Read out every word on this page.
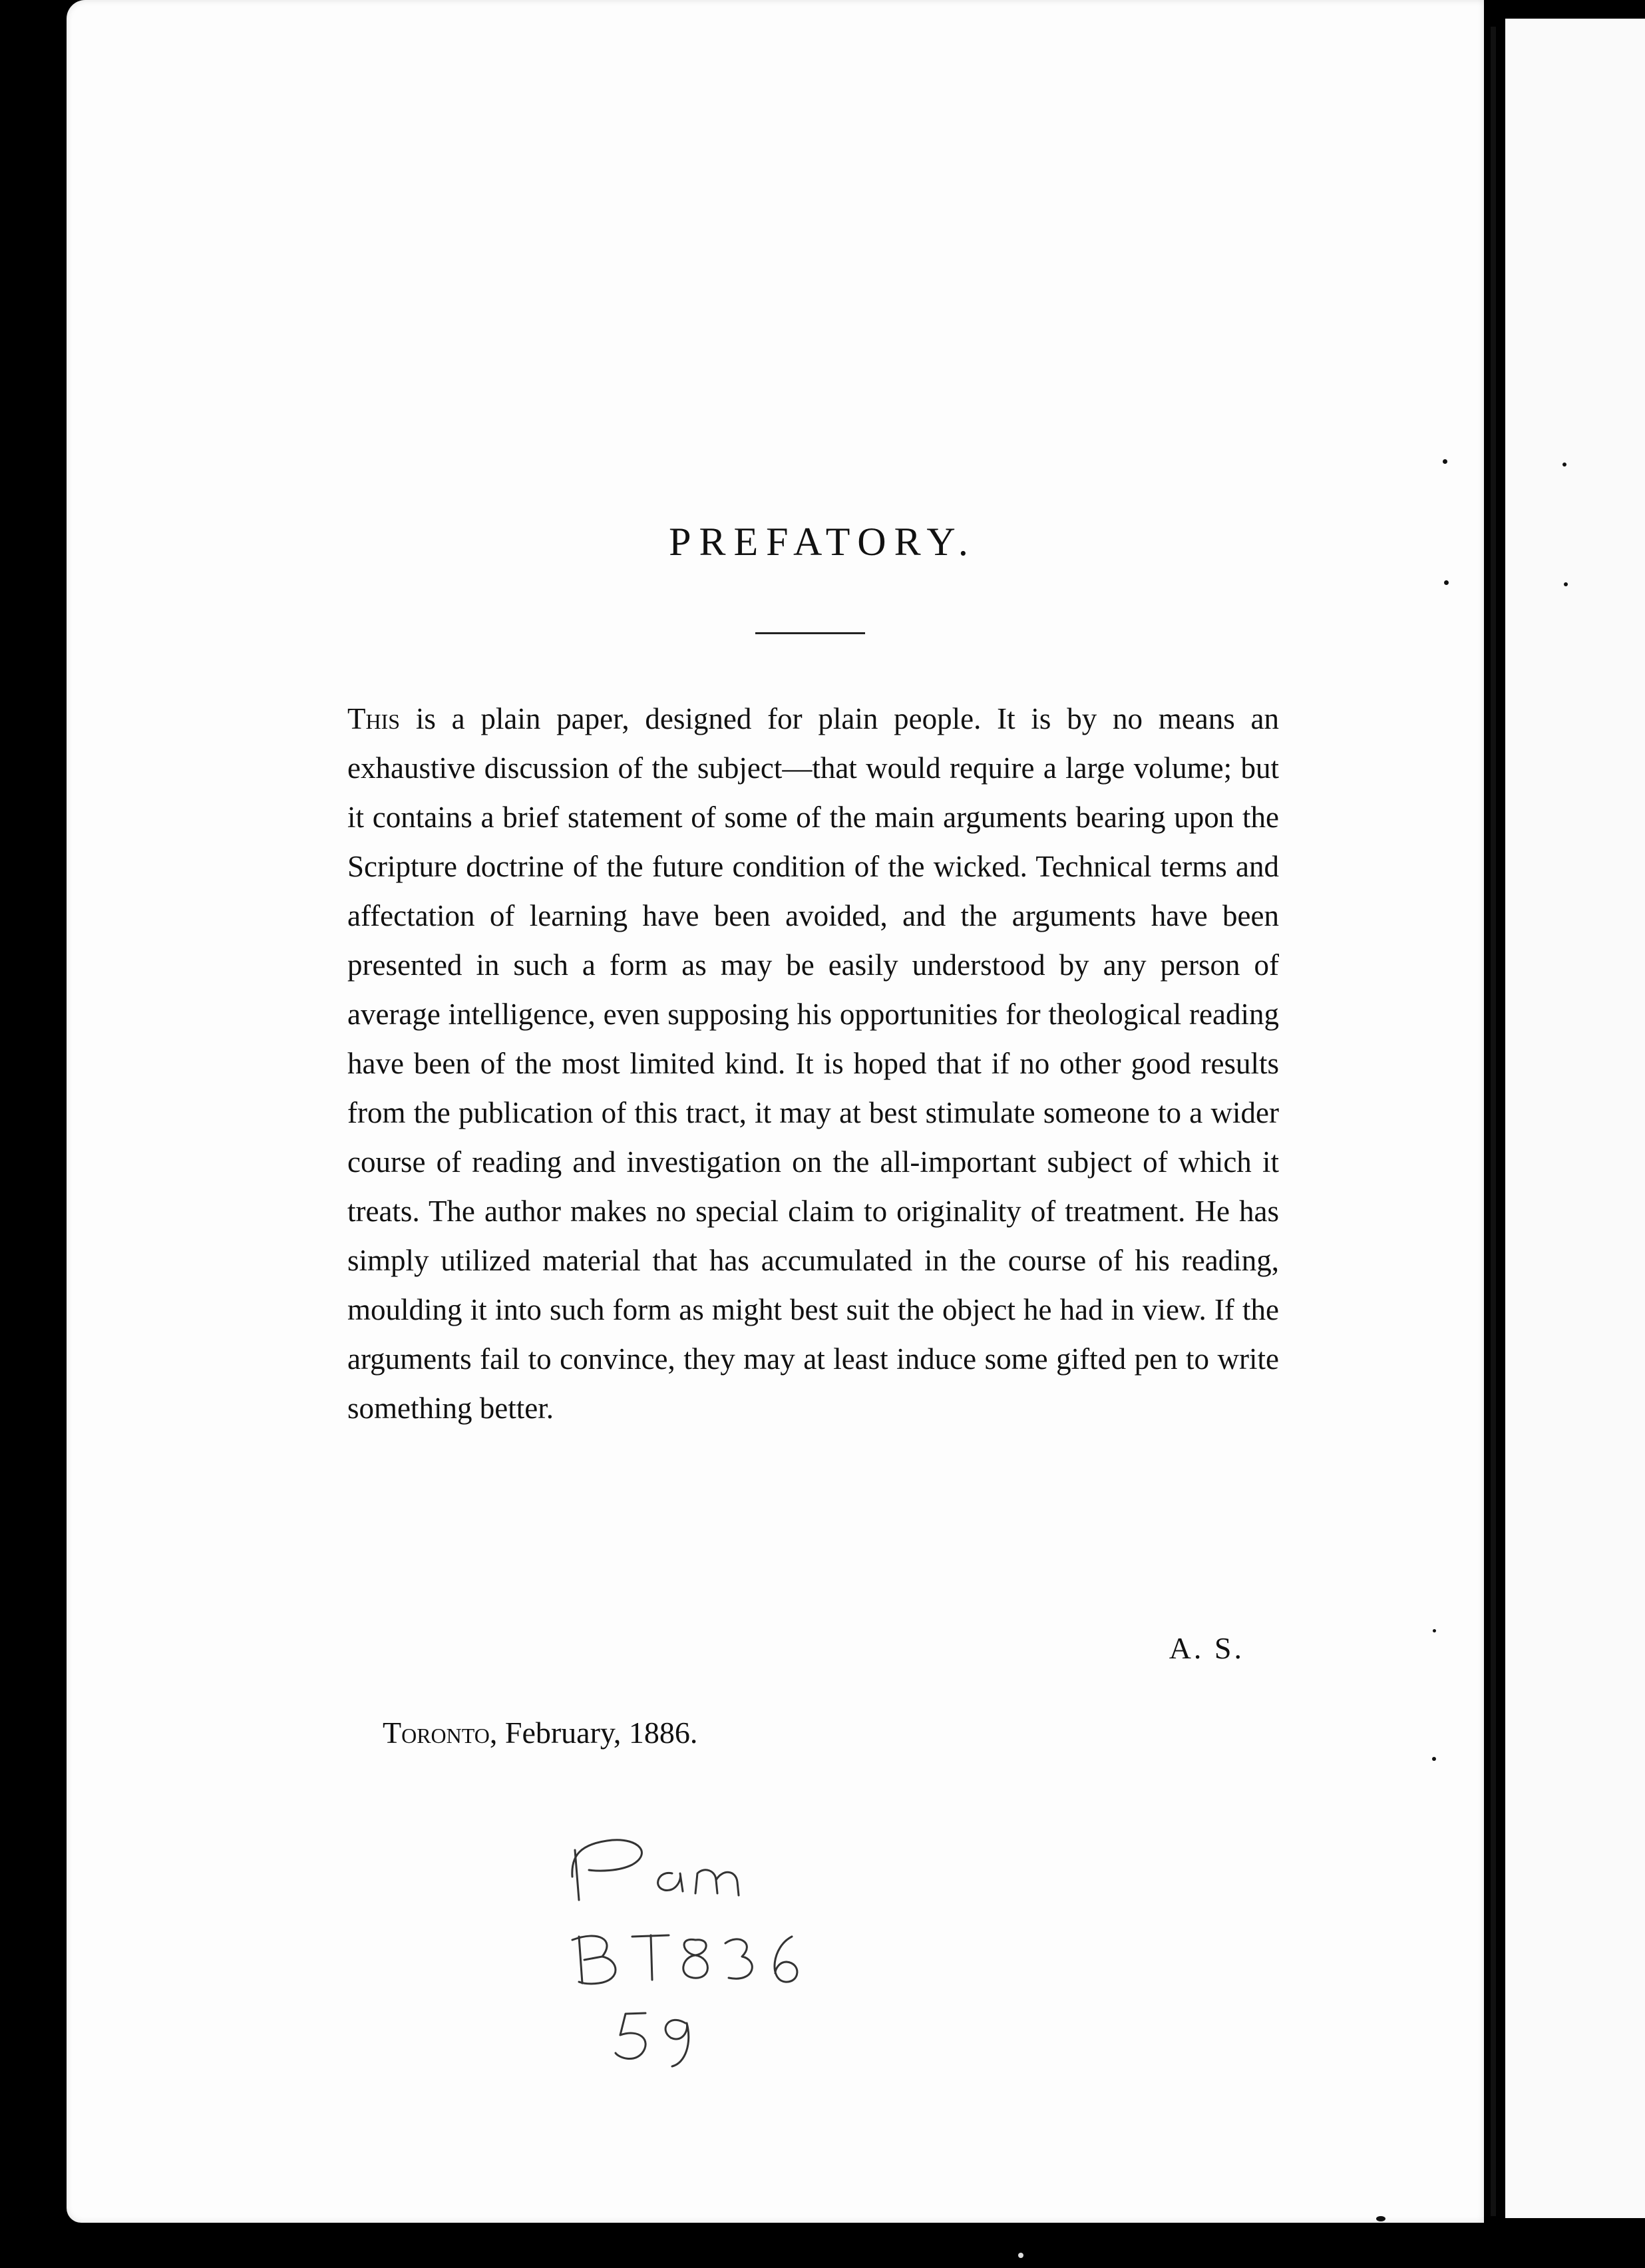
PREFATORY.
This is a plain paper, designed for plain people. It is by no means an exhaustive discussion of the subject—that would require a large volume; but it contains a brief statement of some of the main arguments bearing upon the Scripture doctrine of the future condition of the wicked. Technical terms and affectation of learning have been avoided, and the arguments have been presented in such a form as may be easily understood by any person of average intelligence, even supposing his opportunities for theological reading have been of the most limited kind. It is hoped that if no other good results from the publication of this tract, it may at best stimulate someone to a wider course of reading and investigation on the all-important subject of which it treats. The author makes no special claim to originality of treatment. He has simply utilized material that has accumulated in the course of his reading, moulding it into such form as might best suit the object he had in view. If the arguments fail to convince, they may at least induce some gifted pen to write something better.
A. S.
Toronto, February, 1886.
